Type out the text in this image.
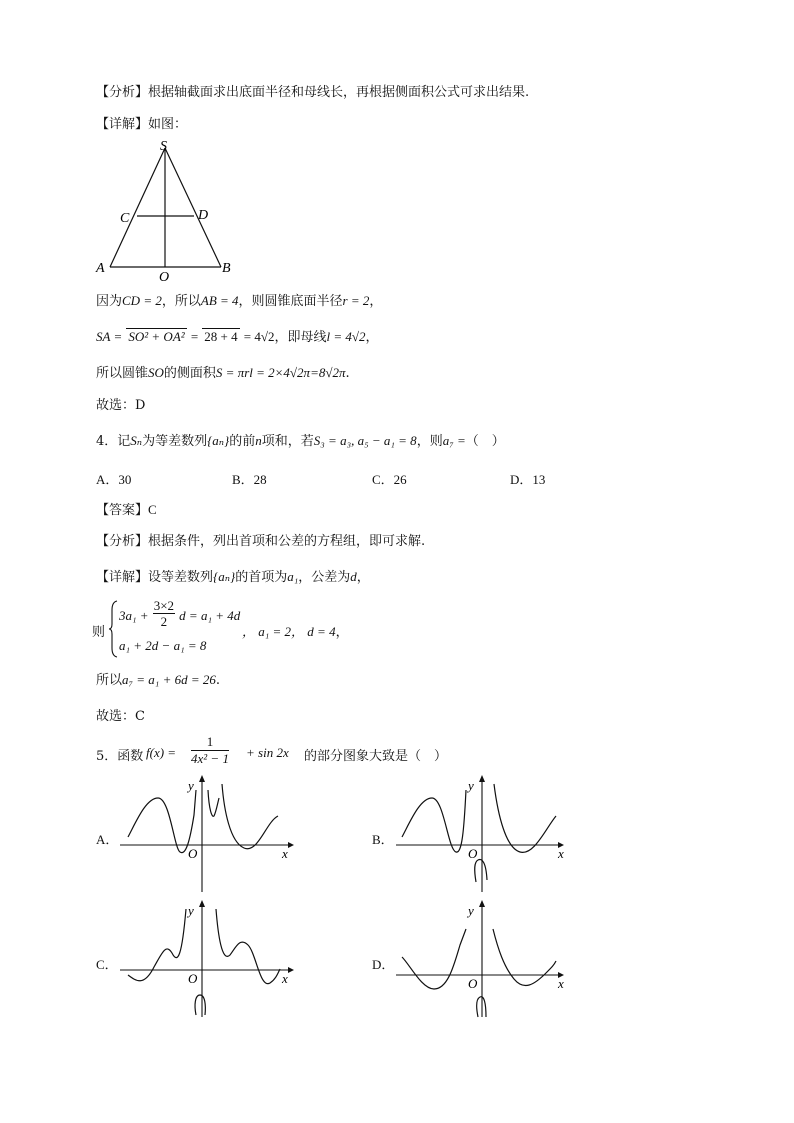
【分析】根据轴截面求出底面半径和母线长，再根据侧面积公式可求出结果.
【详解】如图：
S
C	D
A
O
B
因为CD = 2，所以AB = 4，则圆锥底面半径r = 2，
SA = SO² + OA² = 28 + 4 = 4√2，即母线l = 4√2，
所以圆锥SO的侧面积S = πrl = 2×4√2π=8√2π.
故选：D
4．记Sₙ为等差数列{aₙ}的前n项和，若S₃ = a₃, a₅ − a₁ = 8，则a₇ =（　）
A．30	B．28	C．26	D．13
【答案】C
【分析】根据条件，列出首项和公差的方程组，即可求解.
【详解】设等差数列{aₙ}的首项为a₁，公差为d，
则
$3a_1 + \frac{3\times 2}{2}$ d = a₁ + 4d
a₁ + 2d − a₁ = 8
， a₁ = 2， d = 4，
所以a₇ = a₁ + 6d = 26.
故选：C
5．函数 $f(x) = \frac{1}{\text{4x² − 1}} + \sin 2x$ 的部分图象大致是（　）
A．	B．
C．	D．
x
y
O	x
y
O
x
y
O	x
y
O
